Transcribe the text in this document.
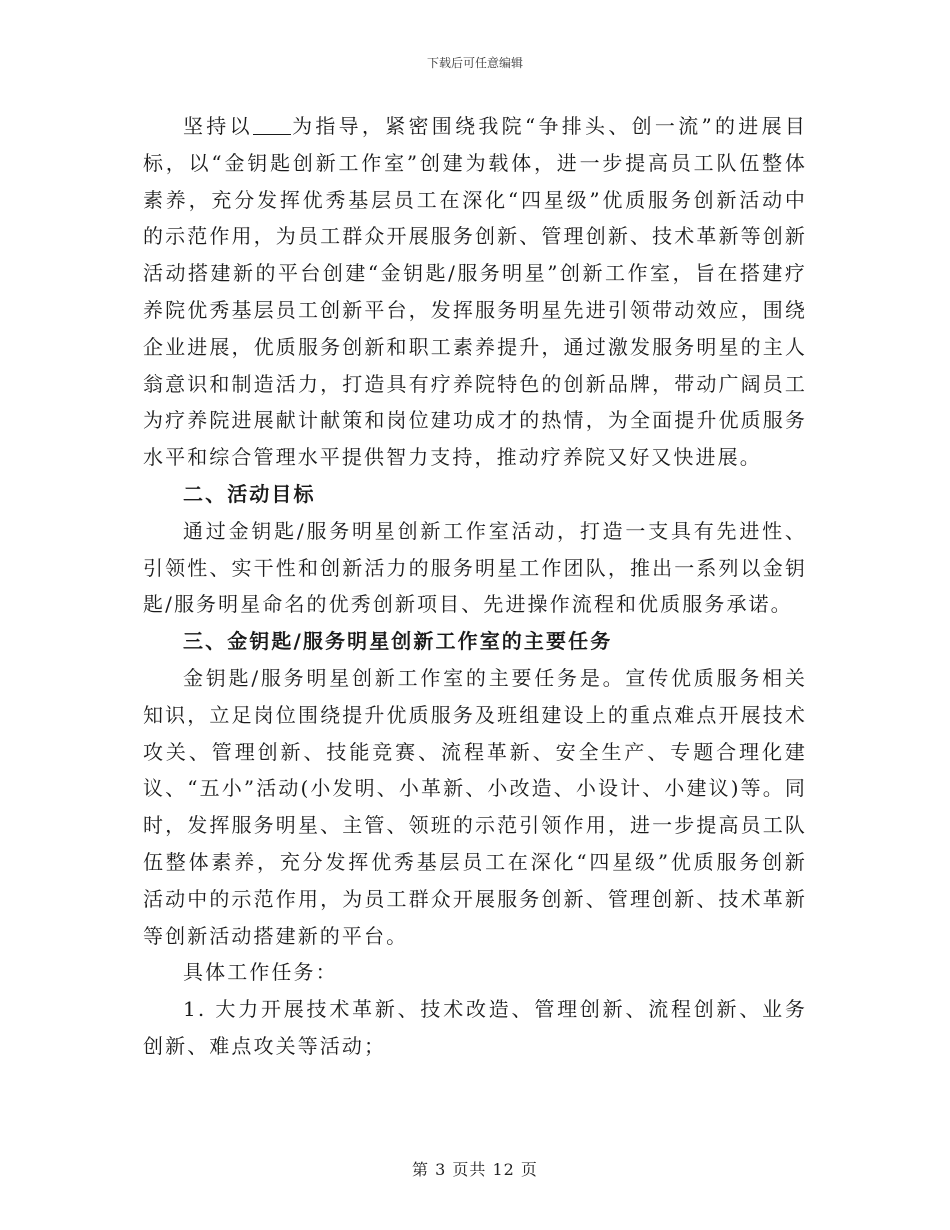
下载后可任意编辑

坚持以 为指导，紧密围绕我院“争排头、创一流”的进展目标，以“金钥匙创新工作室”创建为载体，进一步提高员工队伍整体素养，充分发挥优秀基层员工在深化“四星级”优质服务创新活动中的示范作用，为员工群众开展服务创新、管理创新、技术革新等创新活动搭建新的平台创建“金钥匙/服务明星”创新工作室，旨在搭建疗养院优秀基层员工创新平台，发挥服务明星先进引领带动效应，围绕企业进展，优质服务创新和职工素养提升，通过激发服务明星的主人翁意识和制造活力，打造具有疗养院特色的创新品牌，带动广阔员工为疗养院进展献计献策和岗位建功成才的热情，为全面提升优质服务水平和综合管理水平提供智力支持，推动疗养院又好又快进展。

二、活动目标

通过金钥匙/服务明星创新工作室活动，打造一支具有先进性、引领性、实干性和创新活力的服务明星工作团队，推出一系列以金钥匙/服务明星命名的优秀创新项目、先进操作流程和优质服务承诺。

三、金钥匙/服务明星创新工作室的主要任务

金钥匙/服务明星创新工作室的主要任务是。宣传优质服务相关知识，立足岗位围绕提升优质服务及班组建设上的重点难点开展技术攻关、管理创新、技能竞赛、流程革新、安全生产、专题合理化建议、“五小”活动(小发明、小革新、小改造、小设计、小建议)等。同时，发挥服务明星、主管、领班的示范引领作用，进一步提高员工队伍整体素养，充分发挥优秀基层员工在深化“四星级”优质服务创新活动中的示范作用，为员工群众开展服务创新、管理创新、技术革新等创新活动搭建新的平台。

具体工作任务：

1. 大力开展技术革新、技术改造、管理创新、流程创新、业务创新、难点攻关等活动；

第 3 页共 12 页
